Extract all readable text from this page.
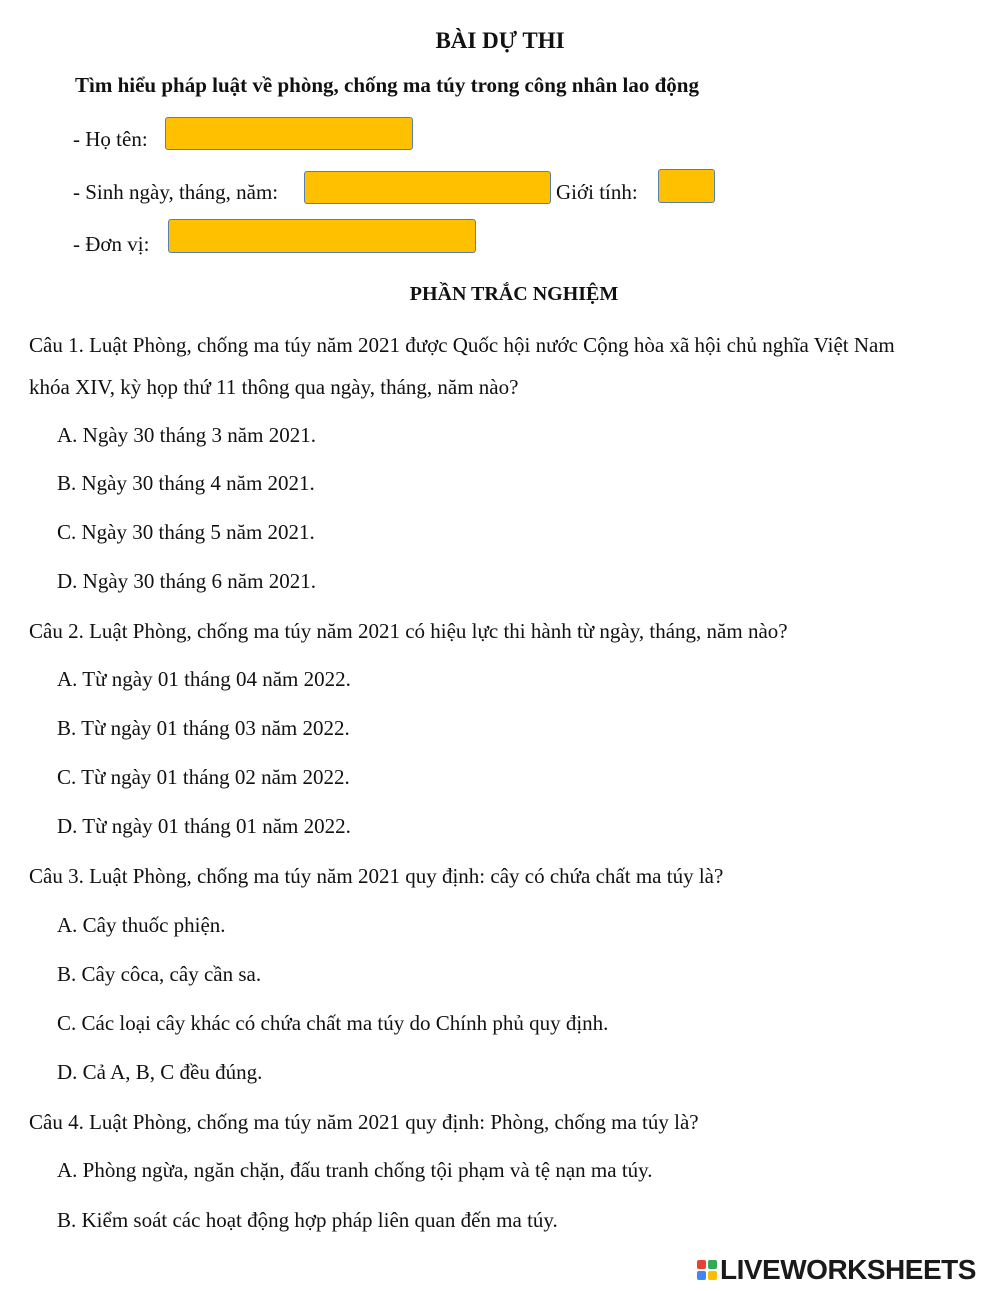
BÀI DỰ THI
Tìm hiểu pháp luật về phòng, chống ma túy trong công nhân lao động
- Họ tên:
- Sinh ngày, tháng, năm:	Giới tính:
- Đơn vị:
PHẦN TRẮC NGHIỆM
Câu 1. Luật Phòng, chống ma túy năm 2021 được Quốc hội nước Cộng hòa xã hội chủ nghĩa Việt Nam
khóa XIV, kỳ họp thứ 11 thông qua ngày, tháng, năm nào?
A. Ngày 30 tháng 3 năm 2021.
B. Ngày 30 tháng 4 năm 2021.
C. Ngày 30 tháng 5 năm 2021.
D. Ngày 30 tháng 6 năm 2021.
Câu 2. Luật Phòng, chống ma túy năm 2021 có hiệu lực thi hành từ ngày, tháng, năm nào?
A. Từ ngày 01 tháng 04 năm 2022.
B. Từ ngày 01 tháng 03 năm 2022.
C. Từ ngày 01 tháng 02 năm 2022.
D. Từ ngày 01 tháng 01 năm 2022.
Câu 3. Luật Phòng, chống ma túy năm 2021 quy định: cây có chứa chất ma túy là?
A. Cây thuốc phiện.
B. Cây côca, cây cần sa.
C. Các loại cây khác có chứa chất ma túy do Chính phủ quy định.
D. Cả A, B, C đều đúng.
Câu 4. Luật Phòng, chống ma túy năm 2021 quy định: Phòng, chống ma túy là?
A. Phòng ngừa, ngăn chặn, đấu tranh chống tội phạm và tệ nạn ma túy.
B. Kiểm soát các hoạt động hợp pháp liên quan đến ma túy.
LIVEWORKSHEETS
